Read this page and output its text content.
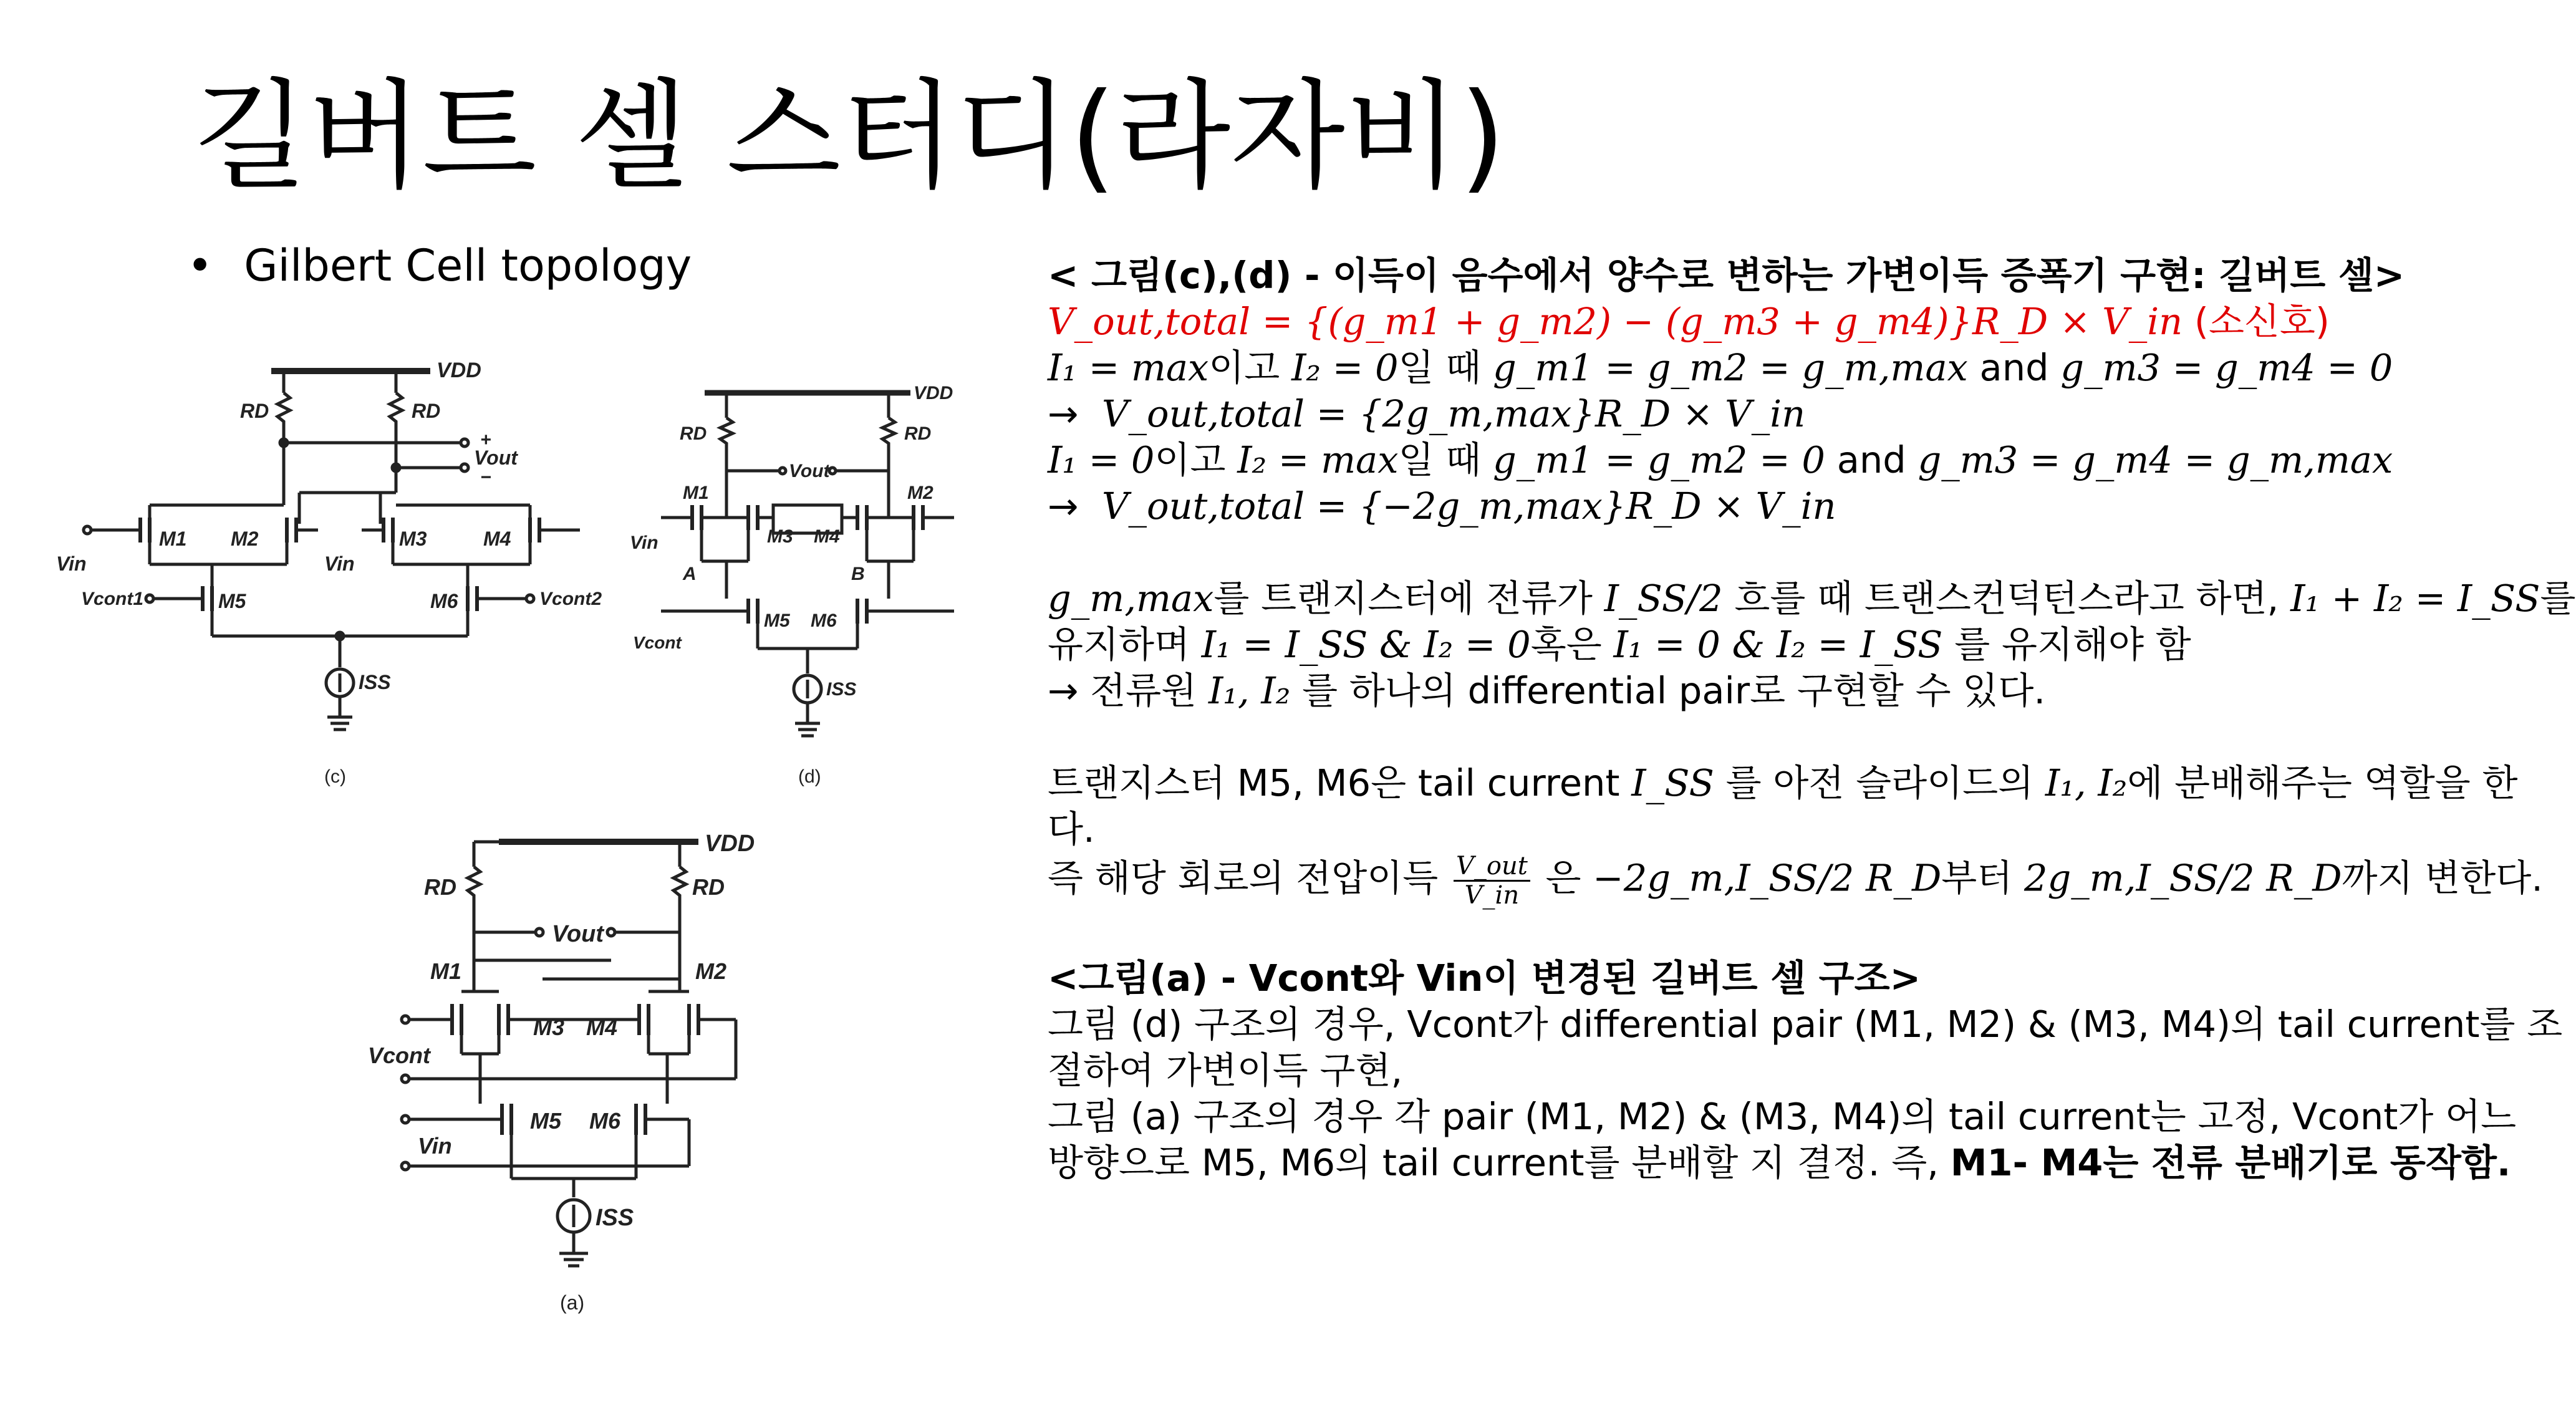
길버트 셀 스터디(라자비)
• Gilbert Cell topology
VDD
RD	RD
+
Vout
−
M1 M2	M3	M4
Vin	Vin
Vcont1	Vcont2
M5	M6
ISS
(c)
VDD
RD	RD
Vout
M1	M2
M3 M4
A	B
Vin
M5 M6
Vcont
ISS
(d)
VDD
RD	RD
Vout
M1	M2
M3 M4
Vcont
M5 M6
Vin
ISS
(a)

< 그림(c),(d) - 이득이 음수에서 양수로 변하는 가변이득 증폭기 구현: 길버트 셀>

V_out,total = {(g_m1 + g_m2) − (g_m3 + g_m4)}R_D × V_in (소신호)

I₁ = max이고 I₂ = 0일 때 g_m1 = g_m2 = g_m,max and g_m3 = g_m4 = 0

→ V_out,total = {2g_m,max}R_D × V_in

I₁ = 0이고 I₂ = max일 때 g_m1 = g_m2 = 0 and g_m3 = g_m4 = g_m,max

→ V_out,total = {−2g_m,max}R_D × V_in

g_m,max를 트랜지스터에 전류가 I_SS/2 흐를 때 트랜스컨덕턴스라고 하면, I₁ + I₂ = I_SS를

유지하며 I₁ = I_SS & I₂ = 0혹은 I₁ = 0 & I₂ = I_SS 를 유지해야 함

→ 전류원 I₁, I₂ 를 하나의 differential pair로 구현할 수 있다.

트랜지스터 M5, M6은 tail current I_SS 를 아전 슬라이드의 I₁, I₂에 분배해주는 역할을 한

다.

즉 해당 회로의 전압이득 $\frac{\text{V\_out}}{V\_in}$ 은 −2g_m,I_SS/2 R_D부터 2g_m,I_SS/2 R_D까지 변한다.

<그림(a) - Vcont와 Vin이 변경된 길버트 셀 구조>

그림 (d) 구조의 경우, Vcont가 differential pair (M1, M2) & (M3, M4)의 tail current를 조

절하여 가변이득 구현,

그림 (a) 구조의 경우 각 pair (M1, M2) & (M3, M4)의 tail current는 고정, Vcont가 어느

방향으로 M5, M6의 tail current를 분배할 지 결정. 즉, M1- M4는 전류 분배기로 동작함.
